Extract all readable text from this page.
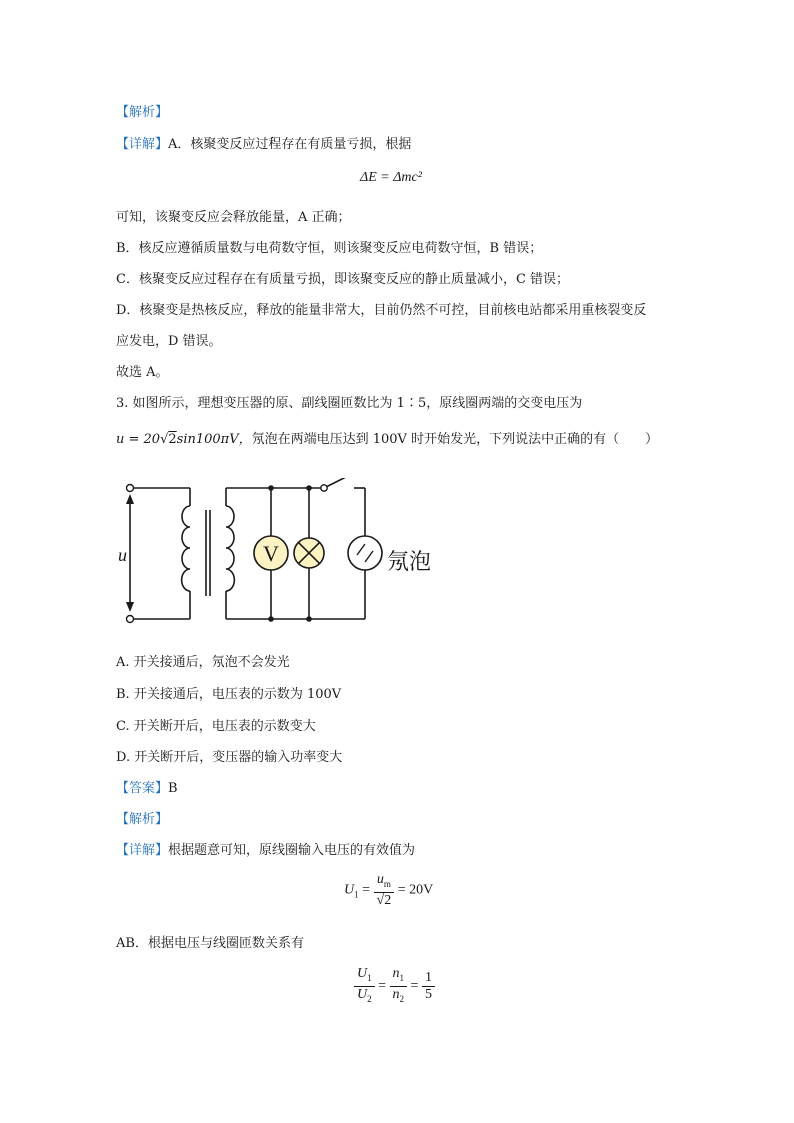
【解析】
【详解】A．核聚变反应过程存在有质量亏损，根据
ΔE = Δmc²
可知，该聚变反应会释放能量，A 正确；
B．核反应遵循质量数与电荷数守恒，则该聚变反应电荷数守恒，B 错误；
C．核聚变反应过程存在有质量亏损，即该聚变反应的静止质量减小，C 错误；
D．核聚变是热核反应，释放的能量非常大，目前仍然不可控，目前核电站都采用重核裂变反
应发电，D 错误。
故选 A。
3. 如图所示，理想变压器的原、副线圈匝数比为 1∶5，原线圈两端的交变电压为
u = 20√2sin100πV，氖泡在两端电压达到 100V 时开始发光，下列说法中正确的有（　　）
V	氖泡
u
A. 开关接通后，氖泡不会发光
B. 开关接通后，电压表的示数为 100V
C. 开关断开后，电压表的示数变大
D. 开关断开后，变压器的输入功率变大
【答案】B
【解析】
【详解】根据题意可知，原线圈输入电压的有效值为
$U_1 = \frac{u_m}{√2} = 20V$
AB．根据电压与线圈匝数关系有
$\frac{U_1}{U_2} = \frac{n_1}{n_2} = \frac{1}{5}$
